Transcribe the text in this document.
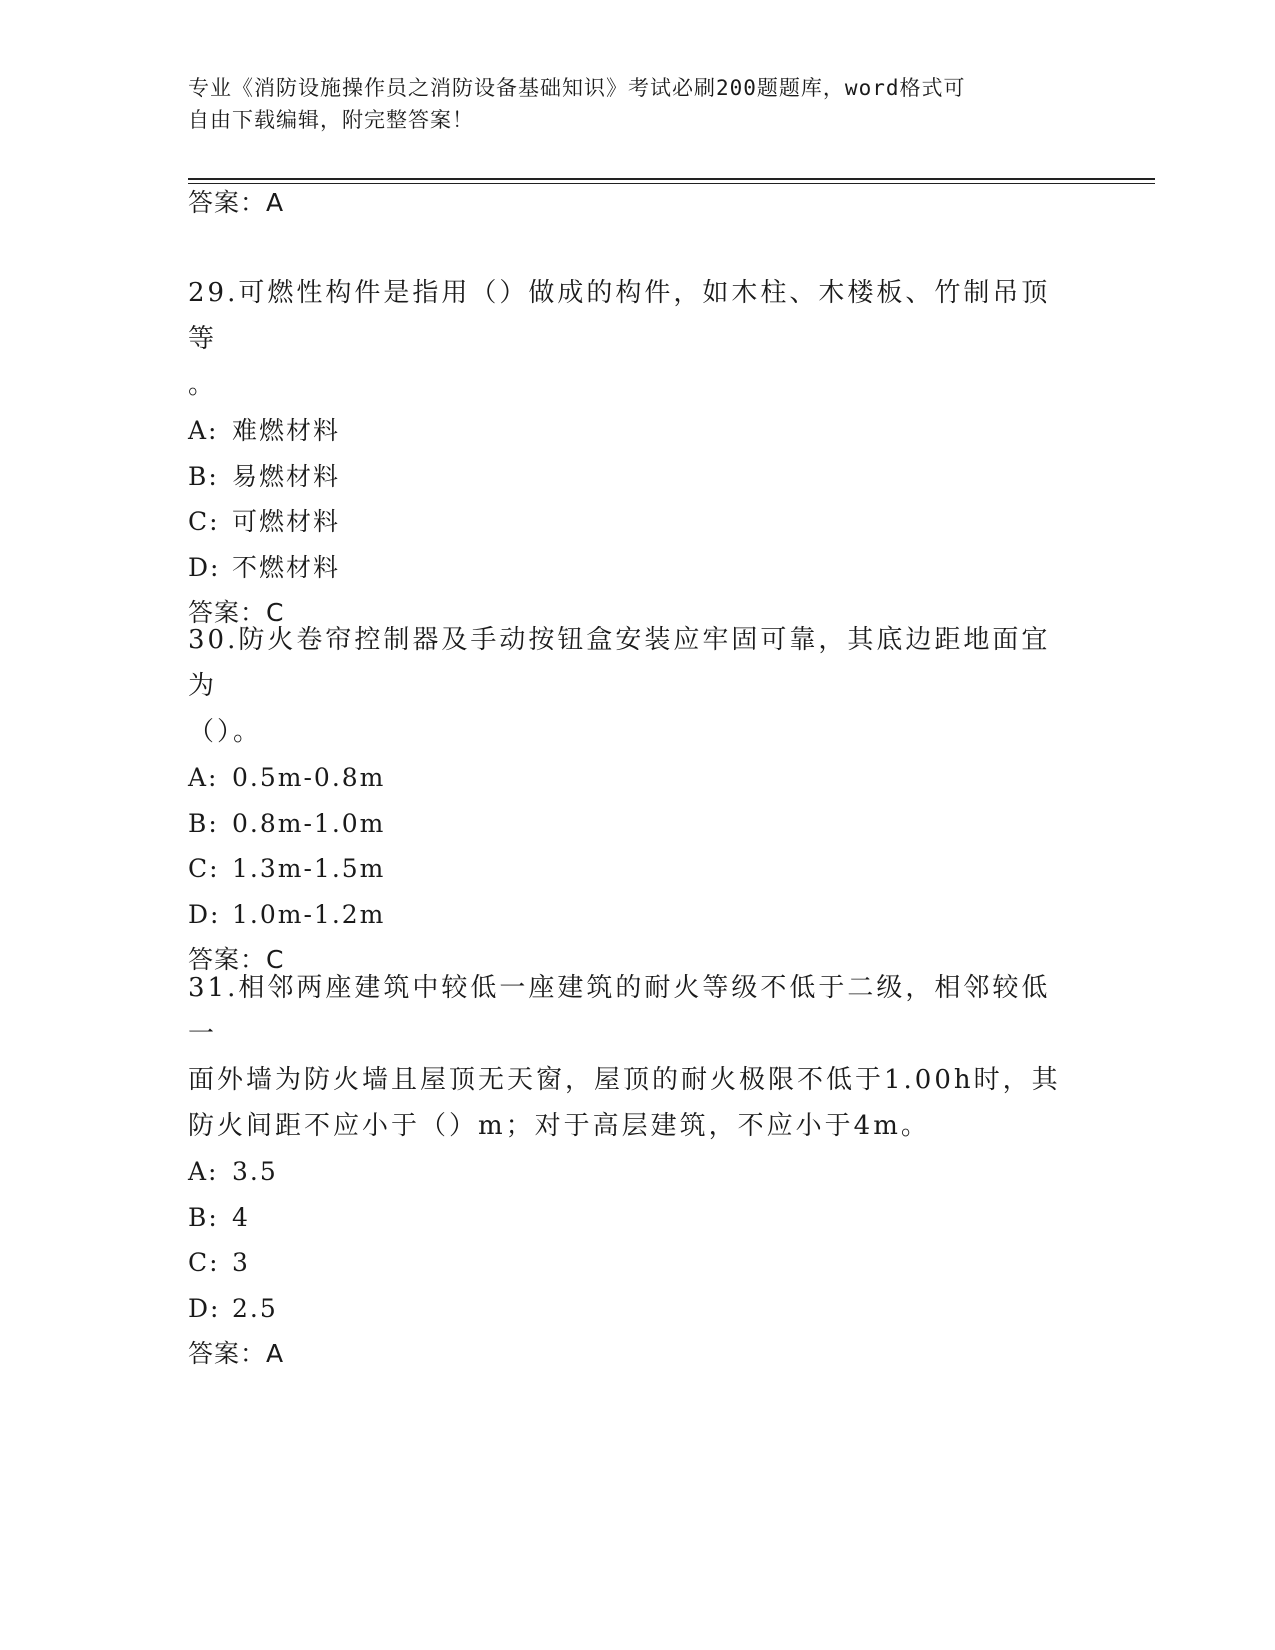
专业《消防设施操作员之消防设备基础知识》考试必刷200题题库，word格式可
自由下载编辑，附完整答案！
答案：A
29.可燃性构件是指用（）做成的构件，如木柱、木楼板、竹制吊顶等
。
A: 难燃材料
B: 易燃材料
C: 可燃材料
D: 不燃材料
答案：C
30.防火卷帘控制器及手动按钮盒安装应牢固可靠，其底边距地面宜为
（）。
A: 0.5m-0.8m
B: 0.8m-1.0m
C: 1.3m-1.5m
D: 1.0m-1.2m
答案：C
31.相邻两座建筑中较低一座建筑的耐火等级不低于二级，相邻较低一
面外墙为防火墙且屋顶无天窗，屋顶的耐火极限不低于1.00h时，其
防火间距不应小于（）m；对于高层建筑，不应小于4m。
A: 3.5
B: 4
C: 3
D: 2.5
答案：A
